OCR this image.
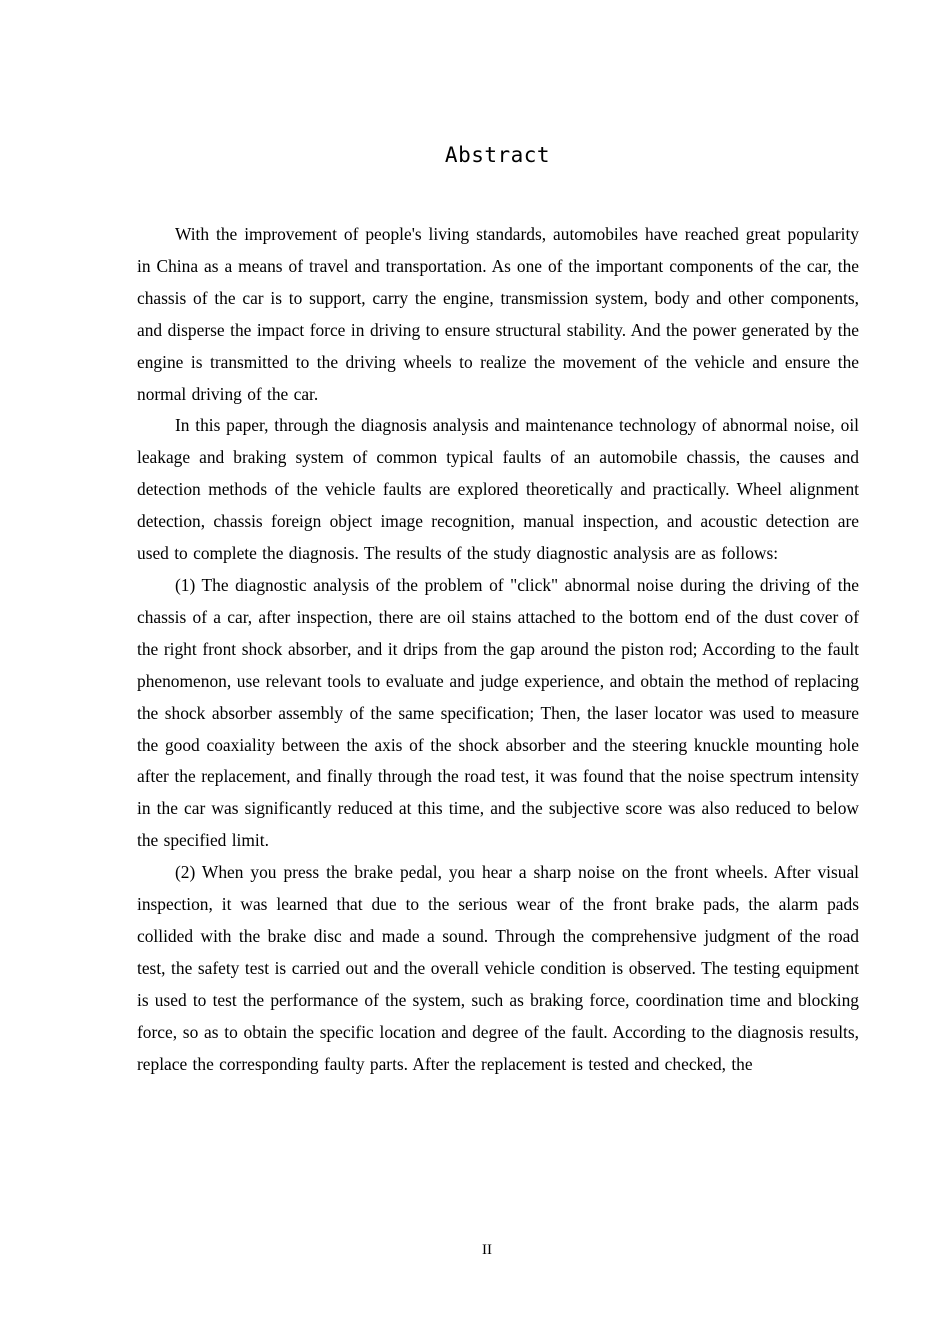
Abstract

With the improvement of people's living standards, automobiles have reached great popularity in China as a means of travel and transportation. As one of the important components of the car, the chassis of the car is to support, carry the engine, transmission system, body and other components, and disperse the impact force in driving to ensure structural stability. And the power generated by the engine is transmitted to the driving wheels to realize the movement of the vehicle and ensure the normal driving of the car.

In this paper, through the diagnosis analysis and maintenance technology of abnormal noise, oil leakage and braking system of common typical faults of an automobile chassis, the causes and detection methods of the vehicle faults are explored theoretically and practically. Wheel alignment detection, chassis foreign object image recognition, manual inspection, and acoustic detection are used to complete the diagnosis. The results of the study diagnostic analysis are as follows:

(1) The diagnostic analysis of the problem of "click" abnormal noise during the driving of the chassis of a car, after inspection, there are oil stains attached to the bottom end of the dust cover of the right front shock absorber, and it drips from the gap around the piston rod; According to the fault phenomenon, use relevant tools to evaluate and judge experience, and obtain the method of replacing the shock absorber assembly of the same specification; Then, the laser locator was used to measure the good coaxiality between the axis of the shock absorber and the steering knuckle mounting hole after the replacement, and finally through the road test, it was found that the noise spectrum intensity in the car was significantly reduced at this time, and the subjective score was also reduced to below the specified limit.

(2) When you press the brake pedal, you hear a sharp noise on the front wheels. After visual inspection, it was learned that due to the serious wear of the front brake pads, the alarm pads collided with the brake disc and made a sound. Through the comprehensive judgment of the road test, the safety test is carried out and the overall vehicle condition is observed. The testing equipment is used to test the performance of the system, such as braking force, coordination time and blocking force, so as to obtain the specific location and degree of the fault. According to the diagnosis results, replace the corresponding faulty parts. After the replacement is tested and checked, the

II
